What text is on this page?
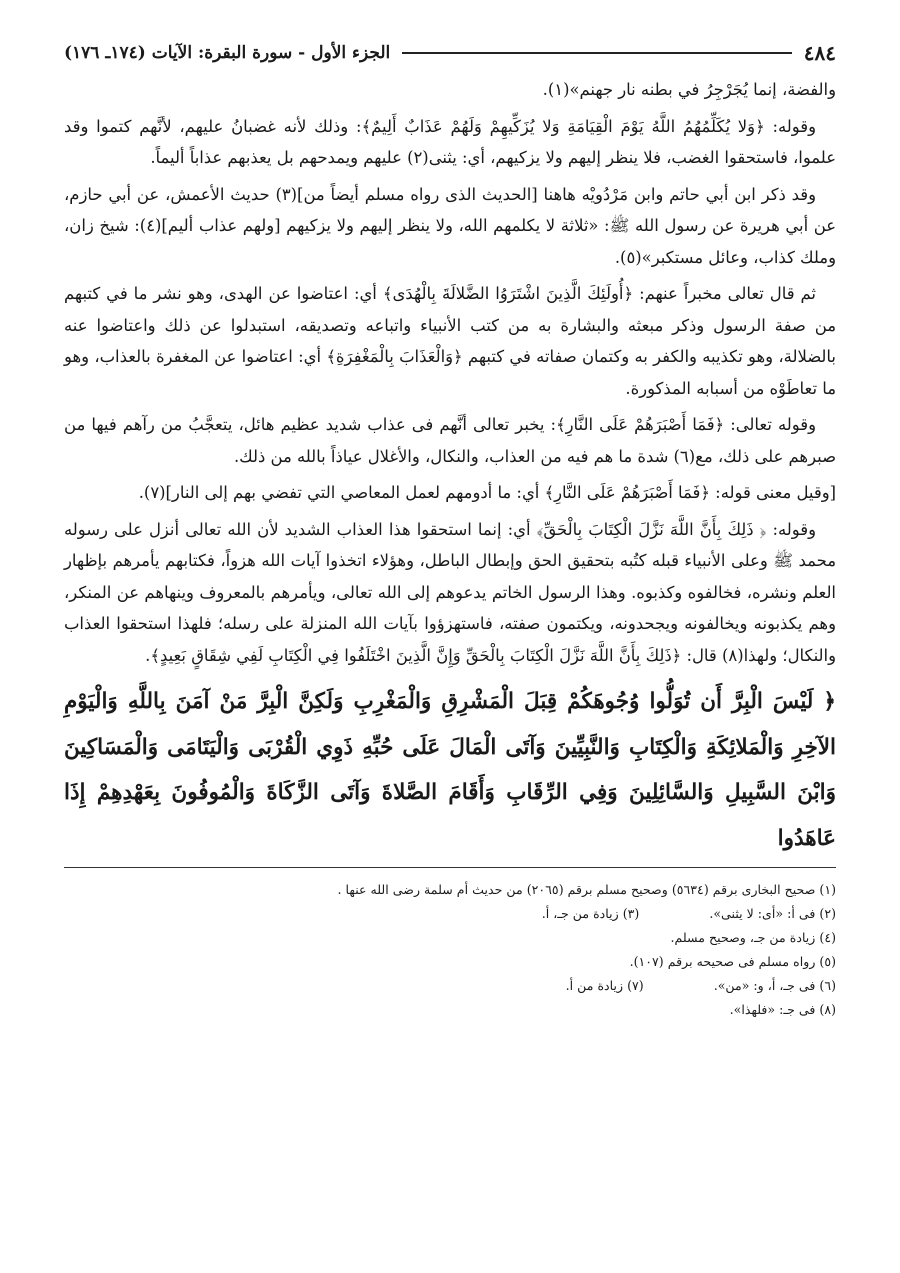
٤٨٤
الجزء الأول - سورة البقرة: الآيات (١٧٤ـ ١٧٦)

والفضة، إنما يُجَرْجِرُ في بطنه نار جهنم»(١).

وقوله: ﴿وَلا يُكَلِّمُهُمُ اللَّهُ يَوْمَ الْقِيَامَةِ وَلا يُزَكِّيهِمْ وَلَهُمْ عَذَابٌ أَلِيمٌ﴾: وذلك لأنه غضبانُ عليهم، لأنَّهم كتموا وقد علموا، فاستحقوا الغضب، فلا ينظر إليهم ولا يزكيهم، أي: يثنى(٢) عليهم ويمدحهم بل يعذبهم عذاباً أليماً.

وقد ذكر ابن أبي حاتم وابن مَرْدُويْه هاهنا [الحديث الذى رواه مسلم أيضاً من](٣) حديث الأعمش، عن أبي حازم، عن أبي هريرة عن رسول الله ﷺ: «ثلاثة لا يكلمهم الله، ولا ينظر إليهم ولا يزكيهم [ولهم عذاب أليم](٤): شيخ زان، وملك كذاب، وعائل مستكبر»(٥).

ثم قال تعالى مخبراً عنهم: ﴿أُولَئِكَ الَّذِينَ اشْتَرَوُا الضَّلالَةَ بِالْهُدَى﴾ أي: اعتاضوا عن الهدى، وهو نشر ما في كتبهم من صفة الرسول وذكر مبعثه والبشارة به من كتب الأنبياء واتباعه وتصديقه، استبدلوا عن ذلك واعتاضوا عنه بالضلالة، وهو تكذيبه والكفر به وكتمان صفاته في كتبهم ﴿وَالْعَذَابَ بِالْمَغْفِرَةِ﴾ أي: اعتاضوا عن المغفرة بالعذاب، وهو ما تعاطَوْه من أسبابه المذكورة.

وقوله تعالى: ﴿فَمَا أَصْبَرَهُمْ عَلَى النَّارِ﴾: يخبر تعالى أنَّهم فى عذاب شديد عظيم هائل، يتعجَّبُ من رآهم فيها من صبرهم على ذلك، مع(٦) شدة ما هم فيه من العذاب، والنكال، والأغلال عياذاً بالله من ذلك.

[وقيل معنى قوله: ﴿فَمَا أَصْبَرَهُمْ عَلَى النَّارِ﴾ أي: ما أدومهم لعمل المعاصي التي تفضي بهم إلى النار](٧).

وقوله: ﴿ ذَلِكَ بِأَنَّ اللَّهَ نَزَّلَ الْكِتَابَ بِالْحَقِّ﴾ أي: إنما استحقوا هذا العذاب الشديد لأن الله تعالى أنزل على رسوله محمد ﷺ وعلى الأنبياء قبله كتُبه بتحقيق الحق وإبطال الباطل، وهؤلاء اتخذوا آيات الله هزواً، فكتابهم يأمرهم بإظهار العلم ونشره، فخالفوه وكذبوه. وهذا الرسول الخاتم يدعوهم إلى الله تعالى، ويأمرهم بالمعروف وينهاهم عن المنكر، وهم يكذبونه ويخالفونه ويجحدونه، ويكتمون صفته، فاستهزؤوا بآيات الله المنزلة على رسله؛ فلهذا استحقوا العذاب والنكال؛ ولهذا(٨) قال: ﴿ذَلِكَ بِأَنَّ اللَّهَ نَزَّلَ الْكِتَابَ بِالْحَقِّ وَإِنَّ الَّذِينَ اخْتَلَفُوا فِي الْكِتَابِ لَفِي شِقَاقٍ بَعِيدٍ﴾.

﴿ لَيْسَ الْبِرَّ أَن تُوَلُّوا وُجُوهَكُمْ قِبَلَ الْمَشْرِقِ وَالْمَغْرِبِ وَلَكِنَّ الْبِرَّ مَنْ آمَنَ بِاللَّهِ وَالْيَوْمِ الآخِرِ وَالْمَلائِكَةِ وَالْكِتَابِ وَالنَّبِيِّينَ وَآتَى الْمَالَ عَلَى حُبِّهِ ذَوِي الْقُرْبَى وَالْيَتَامَى وَالْمَسَاكِينَ وَابْنَ السَّبِيلِ وَالسَّائِلِينَ وَفِي الرِّقَابِ وَأَقَامَ الصَّلاةَ وَآتَى الزَّكَاةَ وَالْمُوفُونَ بِعَهْدِهِمْ إِذَا عَاهَدُوا
(١) صحيح البخارى برقم (٥٦٣٤) وصحيح مسلم برقم (٢٠٦٥) من حديث أم سلمة رضى الله عنها .
(٢) فى أ: «أى: لا يثنى».
(٣) زيادة من جـ، أ.
(٤) زيادة من جـ، وصحيح مسلم.
(٥) رواه مسلم فى صحيحه برقم (١٠٧).
(٦) فى جـ، أ، و: «من».
(٧) زيادة من أ.
(٨) فى جـ: «فلهذا».
